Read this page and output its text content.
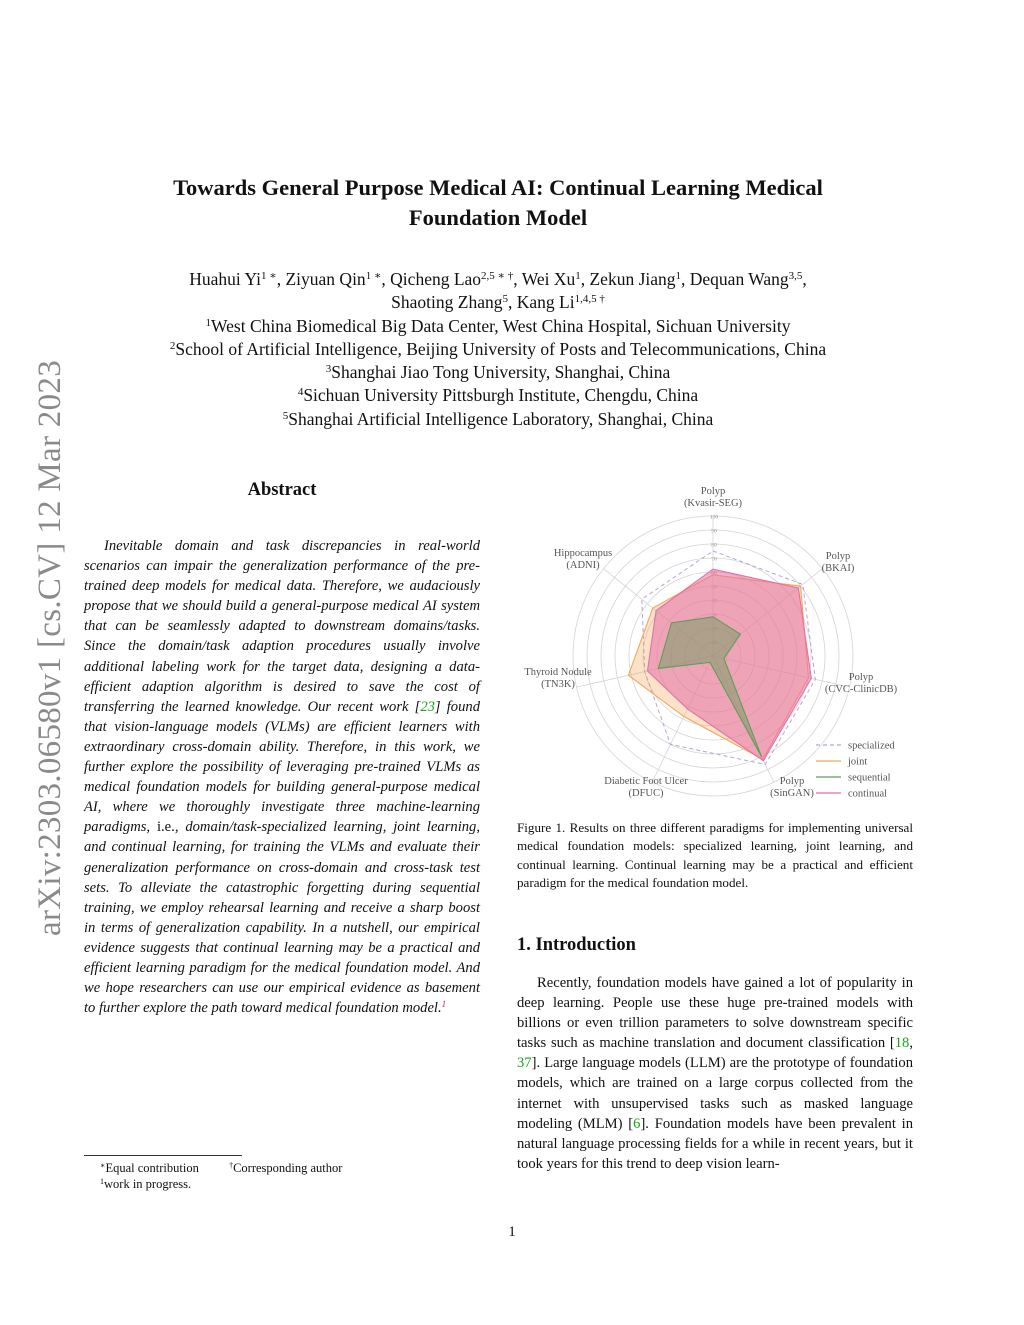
arXiv:2303.06580v1 [cs.CV] 12 Mar 2023
Towards General Purpose Medical AI: Continual Learning Medical Foundation Model
Huahui $Yi^{1 ∗}$, Ziyuan Qin$^{1 ∗}$, Qicheng Lao$^{2,5 ∗ \dagger}$, Wei Xu$^1$, Zekun Jiang$^1$, Dequan Wang$^{3,5}$,
Shaoting Zhang$^5$, Kang $Li^{1,4,5 \dagger}$
$^1$West China Biomedical Big Data Center, West China Hospital, Sichuan University
$^2$School of Artificial Intelligence, Beijing University of Posts and Telecommunications, China
$^3$Shanghai Jiao Tong University, Shanghai, China
$^4$Sichuan University Pittsburgh Institute, Chengdu, China
$^5$Shanghai Artificial Intelligence Laboratory, Shanghai, China
Abstract

Inevitable domain and task discrepancies in real-world scenarios can impair the generalization performance of the pre-trained deep models for medical data. Therefore, we audaciously propose that we should build a general-purpose medical AI system that can be seamlessly adapted to downstream domains/tasks. Since the domain/task adaption procedures usually involve additional labeling work for the target data, designing a data-efficient adaption algorithm is desired to save the cost of transferring the learned knowledge. Our recent work [23] found that vision-language models (VLMs) are efficient learners with extraordinary cross-domain ability. Therefore, in this work, we further explore the possibility of leveraging pre-trained VLMs as medical foundation models for building general-purpose medical AI, where we thoroughly investigate three machine-learning paradigms, i.e., domain/task-specialized learning, joint learning, and continual learning, for training the VLMs and evaluate their generalization performance on cross-domain and cross-task test sets. To alleviate the catastrophic forgetting during sequential training, we employ rehearsal learning and receive a sharp boost in terms of generalization capability. In a nutshell, our empirical evidence suggests that continual learning may be a practical and efficient learning paradigm for the medical foundation model. And we hope researchers can use our empirical evidence as basement to further explore the path toward medical foundation model.$^1$

∗Equal contribution	†Corresponding author
$^1$work in progress.
70
80
90
100
Polyp
(Kvasir-SEG)
Polyp
(BKAI)
Polyp
(CVC-ClinicDB)
Polyp
(SinGAN)
Diabetic Foot Ulcer
(DFUC)
Thyroid Nodule
(TN3K)
Hippocampus
(ADNI)
specialized
joint
sequential
continual

Figure 1. Results on three different paradigms for implementing universal medical foundation models: specialized learning, joint learning, and continual learning. Continual learning may be a practical and efficient paradigm for the medical foundation model.

1. Introduction

Recently, foundation models have gained a lot of popularity in deep learning. People use these huge pre-trained models with billions or even trillion parameters to solve downstream specific tasks such as machine translation and document classification [18, 37]. Large language models (LLM) are the prototype of foundation models, which are trained on a large corpus collected from the internet with unsupervised tasks such as masked language modeling (MLM) [6]. Foundation models have been prevalent in natural language processing fields for a while in recent years, but it took years for this trend to deep vision learn-

1
